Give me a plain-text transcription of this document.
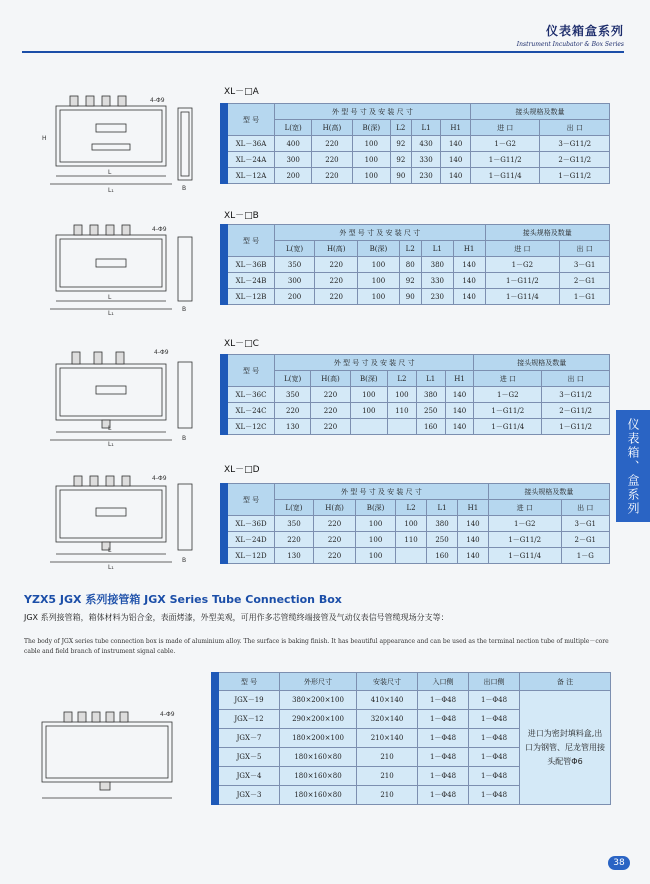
仪表箱盒系列
Instrument Incubator & Box Series
仪表箱、盒系列
L
L₁
H
4-Φ9
B
L
L₁
4-Φ9
B
L
L₁
4-Φ9
B
L
L₁
4-Φ9
B
4-Φ9
XL－□A
XL－□B
XL－□C
XL－□D
型 号	外 型 号 寸 及 安 装 尺 寸						接头规格及数量	
	L(宽)	H(高)	B(深)	L2	L1	H1	进 口	出 口
XL－36A	400	220	100	92	430	140	1－G2	3－G11/2
XL－24A	300	220	100	92	330	140	1－G11/2	2－G11/2
XL－12A	200	220	100	90	230	140	1－G11/4	1－G11/2
型 号	外 型 号 寸 及 安 装 尺 寸						接头规格及数量	
	L(宽)	H(高)	B(深)	L2	L1	H1	进 口	出 口
XL－36B	350	220	100	80	380	140	1－G2	3－G1
XL－24B	300	220	100	92	330	140	1－G11/2	2－G1
XL－12B	200	220	100	90	230	140	1－G11/4	1－G1
型 号	外 型 号 寸 及 安 装 尺 寸						接头规格及数量	
	L(宽)	H(高)	B(深)	L2	L1	H1	进 口	出 口
XL－36C	350	220	100	100	380	140	1－G2	3－G11/2
XL－24C	220	220	100	110	250	140	1－G11/2	2－G11/2
XL－12C	130	220			160	140	1－G11/4	1－G11/2
型 号	外 型 号 寸 及 安 装 尺 寸						接头规格及数量	
	L(宽)	H(高)	B(深)	L2	L1	H1	进 口	出 口
XL－36D	350	220	100	100	380	140	1－G2	3－G1
XL－24D	220	220	100	110	250	140	1－G11/2	2－G1
XL－12D	130	220	100		160	140	1－G11/4	1－G
YZX5 JGX 系列接管箱 JGX Series Tube Connection Box
JGX 系列接管箱，箱体材料为铝合金，表面烤漆，外型美观，可用作多芯管缆终端接管及气动仪表信号管缆现场分支等：
The body of JGX series tube connection box is made of aluminium alloy. The surface is baking finish. It has beautiful appearance and can be used as the terminal nection tube of multiple－core cable and field branch of instrument signal cable.
型 号	外形尺寸	安装尺寸	入口侧	出口侧	备 注
JGX－19	380×200×100	410×140	1－Φ48	1－Φ48	进口为密封填料盒,出口为钢管、尼龙管用接头配管Φ6
JGX－12	290×200×100	320×140	1－Φ48	1－Φ48	
JGX－7	180×200×100	210×140	1－Φ48	1－Φ48	
JGX－5	180×160×80	210	1－Φ48	1－Φ48	
JGX－4	180×160×80	210	1－Φ48	1－Φ48	
JGX－3	180×160×80	210	1－Φ48	1－Φ48	
38
